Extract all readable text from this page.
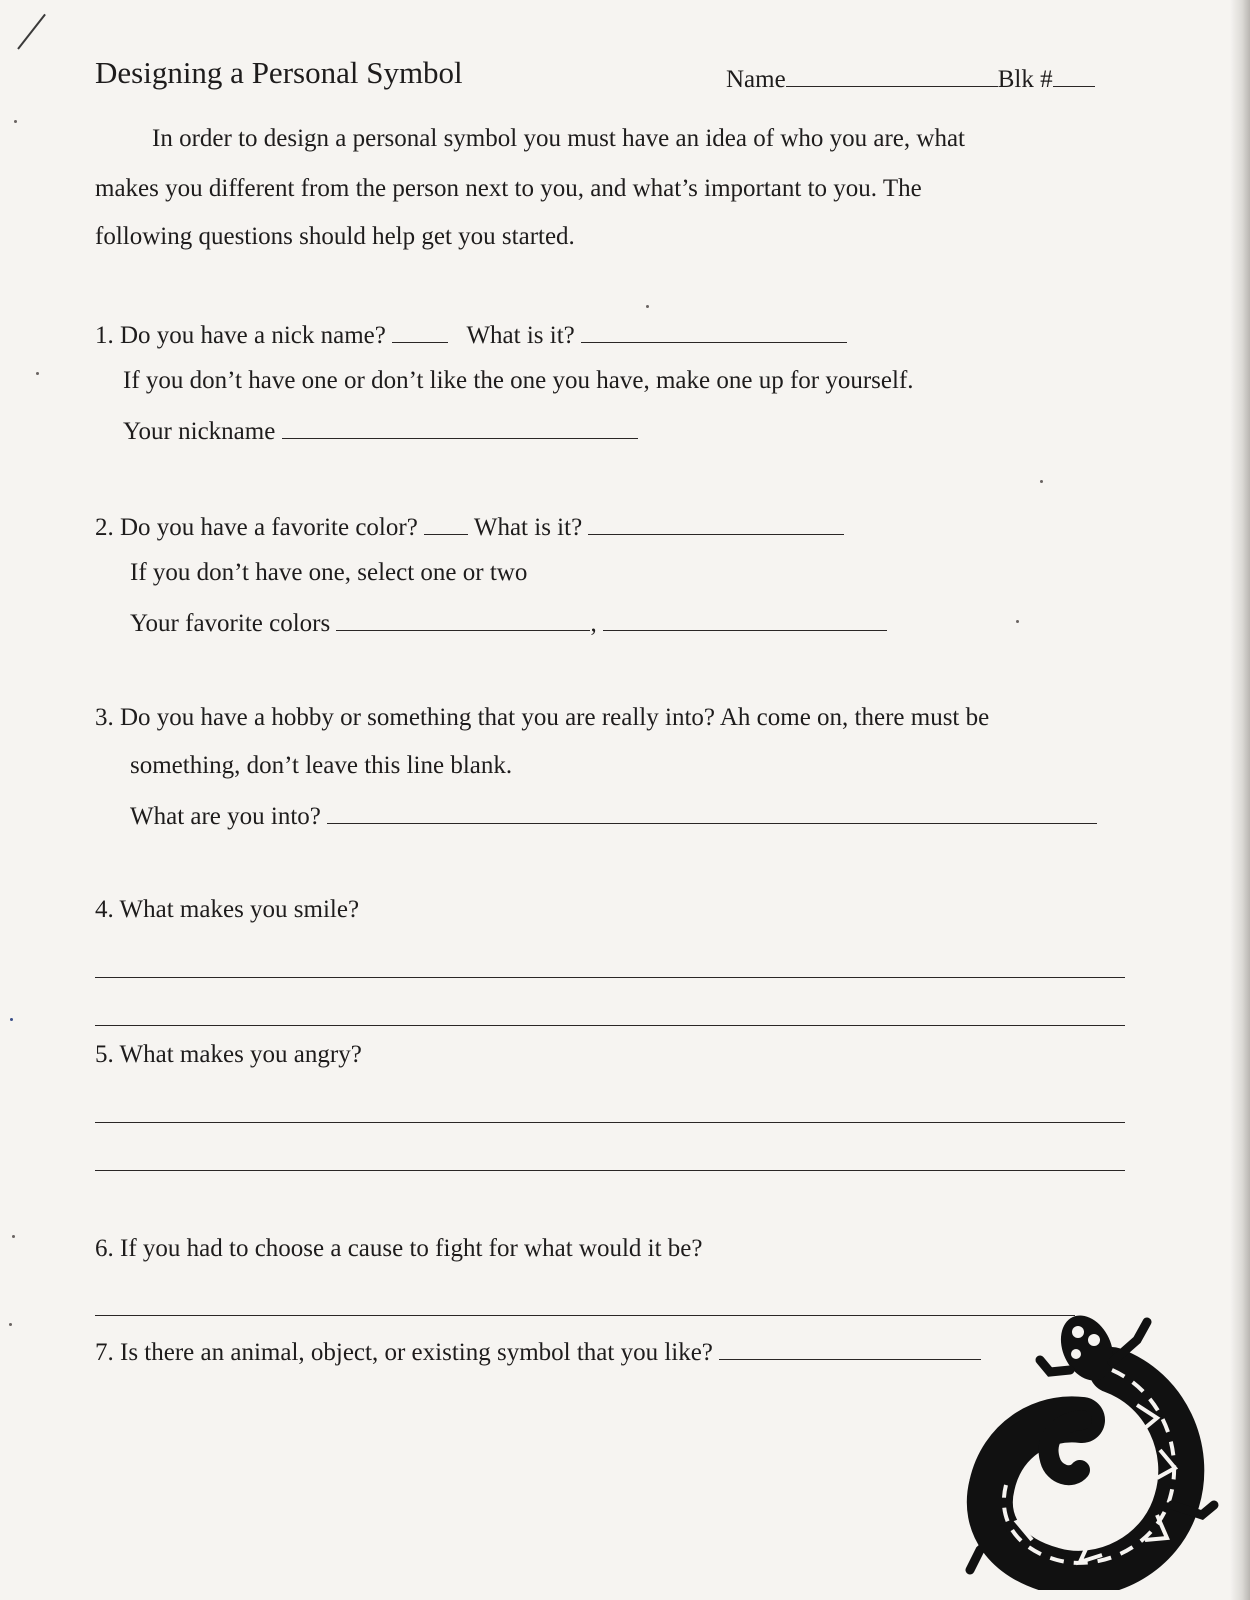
Designing a Personal Symbol	Name	Blk #
In order to design a personal symbol you must have an idea of who you are, what
makes you different from the person next to you, and what’s important to you. The
following questions should help get you started.
1. Do you have a nick name?	What is it?
If you don’t have one or don’t like the one you have, make one up for yourself.
Your nickname
2. Do you have a favorite color? What is it?
If you don’t have one, select one or two
Your favorite colors	,
3. Do you have a hobby or something that you are really into? Ah come on, there must be
something, don’t leave this line blank.
What are you into?
4. What makes you smile?
5. What makes you angry?
6. If you had to choose a cause to fight for what would it be?
7. Is there an animal, object, or existing symbol that you like?
